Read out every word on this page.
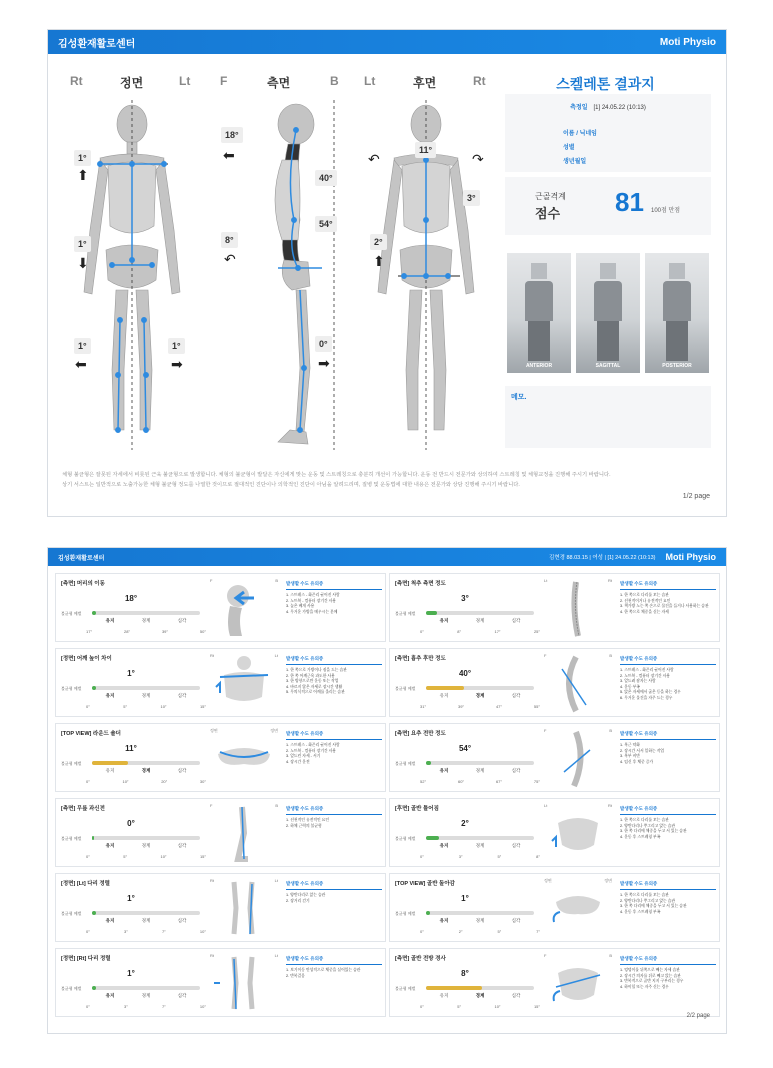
김성환재활로센터	Moti Physio
Rt	정면	Lt F	측면	B Lt	후면	Rt
1°
⬆
1°
⬇
1°
⬅
1°
➡
18°
⬅
40°
54°
8°
↶
0°
➡
11°
↶	↷
3°
2°
⬆
스켈레톤 결과지
측정일 [1] 24.05.22 (10:13)
이름 / 닉네임
성별
생년월일
근골격계
점수 81 100점 만점
ANTERIOR	SAGITTAL	POSTERIOR
메모.
체형 불균형은 잘못된 자세에서 비롯된 근육 불균형으로 발생합니다. 체형의 불균형이 발달은 자신에게 맞는 운동 및 스트레칭으로 충분히 개선이 가능합니다. 운동 전 반드시 전문가와 상의하여 스트레칭 및 체형교정을 진행해 주시기 바랍니다.
상기 서스트는 일반적으로 노출가능한 체형 불균형 정도를 나열한 것이므로 절대적인 진단이나 의학적인 진단이 아님을 알려드리며, 질병 및 운동법에 대한 내용은 전문가와 상담 진행해 주시기 바랍니다.
1/2 page
김성환재활로센터	김현경 88.03.15 | 여성 | [1] 24.05.22 (10:13) Moti Physio
[측면] 머리의 이동
18°
불균형 예벌
유지	경계	심각
17°	28°	39°	50°
F	B
발생할 수도 유의증
1. 스트레스 - 화끈리 굳어진 사람
2. 노트북 - 컴퓨터 장기간 사용
3. 높은 베개 사용
4. 무거운 가방을 메우시는 분께
[측면] 척추 측면 정도
3°
불균형 예벌
유지	경계	심각
0°	8°	17°	25°
Lt	Rt
발생할 수도 유의증
1. 한 쪽으로 다리를 꼬는 습관
2. 선천적이거나 유전적인 요인
3. 책가방 노는 쪽 손으로 물건을 들거나 사용하는 습관
4. 한 쪽으로 체중을 싣는 자세
[정면] 어깨 높이 차이
1°
불균형 예벌
유지	경계	심각
0°	5°	10°	15°
Rt	Lt
발생할 수도 유의증
1. 한 쪽으로 가방이나 짐을 드는 습관
2. 한 쪽 어깨근육 과도한 사용
3. 한 방향으로만 운동 또는 작업
4. 바르지 않은 자세로 장시간 생활
5. 무의식적으로 어깨를 올리는 습관
[측면] 흉추 후만 정도
40°
불균형 예벌
유지	경계	심각
31°	39°	47°	55°
F	B
발생할 수도 유의증
1. 스트레스 - 화끈리 굳어진 사람
2. 노트북 - 컴퓨터 장기간 사용
3. 엎드려 잠자는 사람
4. 운동 부족
5. 앉은 자세에서 굽은 등을 하는 경우
6. 무거운 물건을 자주 드는 경우
[TOP VIEW] 라운드 숄더
11°
불균형 예벌
유지	경계	심각
0°	10°	20°	30°
정면	정면
발생할 수도 유의증
1. 스트레스 - 화끈리 굳어진 사람
2. 노트북 - 컴퓨터 장기간 사용
3. 엎드린 자세 - 서기
4. 장시간 운전
[측면] 요추 전만 정도
54°
불균형 예벌
유지	경계	심각
52°	60°	67°	75°
F	B
발생할 수도 유의증
1. 복근 약화
2. 장시간 서서 일하는 작업
3. 복부 비만
4. 임신 후 체중 증가
[측면] 무릎 과신전
0°
불균형 예벌
유지	경계	심각
0°	5°	10°	15°
F	B
발생할 수도 유의증
1. 선천적인 유전적인 요인
2. 하체 근력의 불균형
[후면] 골반 틀어짐
2°
불균형 예벌
유지	경계	심각
0°	3°	5°	8°
Lt	Rt
발생할 수도 유의증
1. 한 쪽으로 다리를 꼬는 습관
2. 양반다리나 쭈그리고 앉는 습관
3. 한 쪽 다리에 체중을 두고 서 있는 습관
4. 운동 후 스트레칭 부족
[정면] [Lt] 다리 정렬
1°
불균형 예벌
유지	경계	심각
0°	3°	7°	10°
Rt	Lt
발생할 수도 유의증
1. 양반다리로 앉는 습관
2. 장거리 걷기
[TOP VIEW] 골반 돌아감
1°
불균형 예벌
유지	경계	심각
0°	2°	5°	7°
정면	정면
발생할 수도 유의증
1. 한 쪽으로 다리를 꼬는 습관
2. 양반다리나 쭈그리고 앉는 습관
3. 한 쪽 다리에 체중을 두고 서 있는 습관
4. 운동 후 스트레칭 부족
[정면] [Rt] 다리 정렬
1°
불균형 예벌
유지	경계	심각
0°	3°	7°	10°
Rt	Lt
발생할 수도 유의증
1. 보기이동 만성적으로 체중을 실어있는 습관
2. 반복걸음
[측면] 골반 전방 경사
8°
불균형 예벌
유지	경계	심각
0°	5°	10°	15°
F	B
발생할 수도 유의증
1. 엉덩이를 뒤쪽으로 빼는 자세 습관
2. 장시간 의자를 뒤로 빼고 앉는 습관
3. 반복적으로 골반 지지 구부리는 경우
4. 하이힐 또는 자주 신는 경우
2/2 page
